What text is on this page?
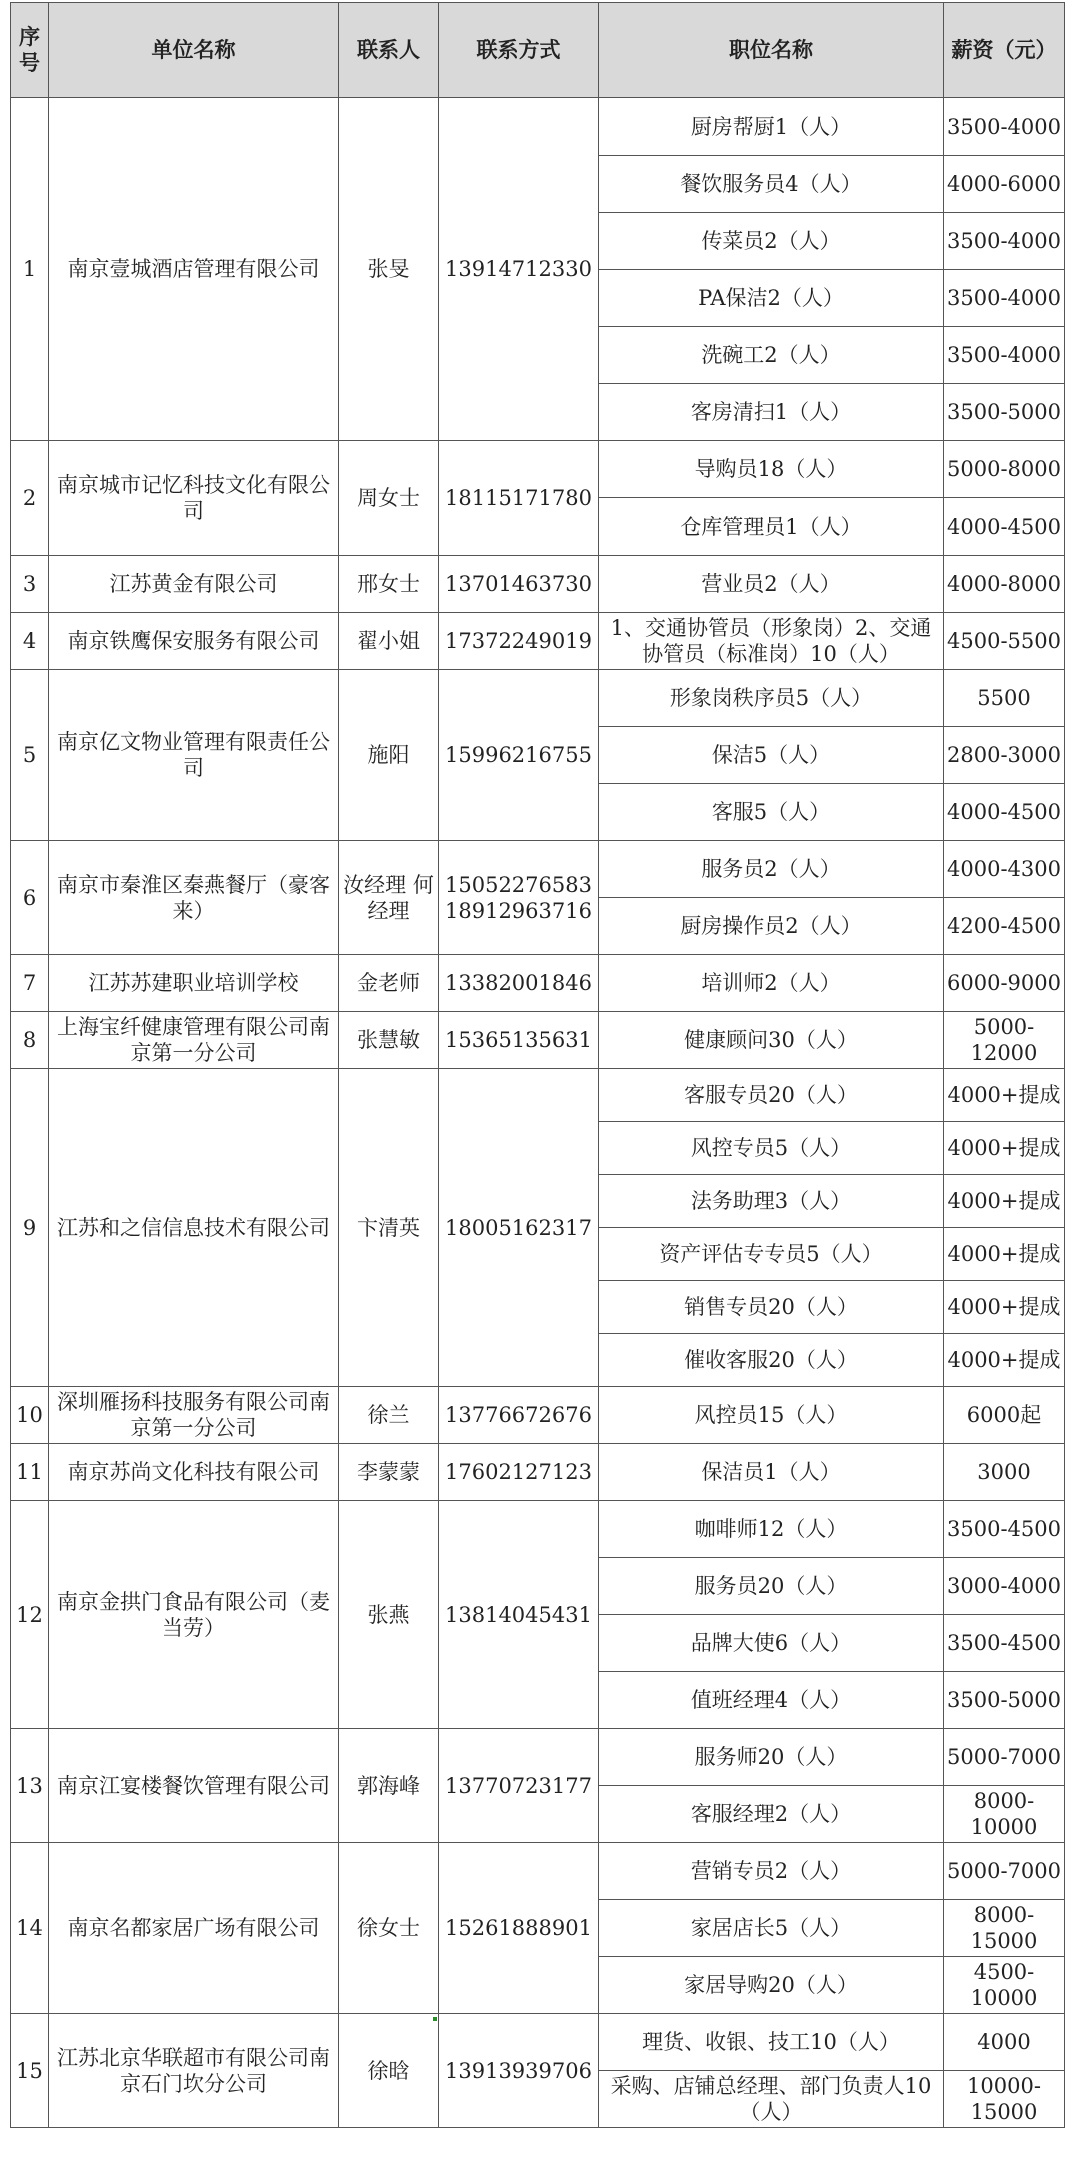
序号	单位名称	联系人	联系方式	职位名称	薪资（元）
1	南京壹城酒店管理有限公司	张旻	13914712330	厨房帮厨1（人）	3500-4000
				餐饮服务员4（人）	4000-6000
				传菜员2（人）	3500-4000
				PA保洁2（人）	3500-4000
				洗碗工2（人）	3500-4000
				客房清扫1（人）	3500-5000
2	南京城市记忆科技文化有限公司	周女士	18115171780	导购员18（人）	5000-8000
				仓库管理员1（人）	4000-4500
3	江苏黄金有限公司	邢女士	13701463730	营业员2（人）	4000-8000
4	南京铁鹰保安服务有限公司	翟小姐	17372249019	1、交通协管员（形象岗）2、交通协管员（标准岗）10（人）	4500-5500
5	南京亿文物业管理有限责任公司	施阳	15996216755	形象岗秩序员5（人）	5500
				保洁5（人）	2800-3000
				客服5（人）	4000-4500
6	南京市秦淮区秦燕餐厅（豪客来）	汝经理 何经理	15052276583 18912963716	服务员2（人）	4000-4300
				厨房操作员2（人）	4200-4500
7	江苏苏建职业培训学校	金老师	13382001846	培训师2（人）	6000-9000
8	上海宝纤健康管理有限公司南京第一分公司	张慧敏	15365135631	健康顾问30（人）	5000-12000
9	江苏和之信信息技术有限公司	卞清英	18005162317	客服专员20（人）	4000+提成
				风控专员5（人）	4000+提成
				法务助理3（人）	4000+提成
				资产评估专专员5（人）	4000+提成
				销售专员20（人）	4000+提成
				催收客服20（人）	4000+提成
10	深圳雁扬科技服务有限公司南京第一分公司	徐兰	13776672676	风控员15（人）	6000起
11	南京苏尚文化科技有限公司	李蒙蒙	17602127123	保洁员1（人）	3000
12	南京金拱门食品有限公司（麦当劳）	张燕	13814045431	咖啡师12（人）	3500-4500
				服务员20（人）	3000-4000
				品牌大使6（人）	3500-4500
				值班经理4（人）	3500-5000
13	南京江宴楼餐饮管理有限公司	郭海峰	13770723177	服务师20（人）	5000-7000
				客服经理2（人）	8000-10000
14	南京名都家居广场有限公司	徐女士	15261888901	营销专员2（人）	5000-7000
				家居店长5（人）	8000-15000
				家居导购20（人）	4500-10000
15	江苏北京华联超市有限公司南京石门坎分公司	徐晗	13913939706	理货、收银、技工10（人）	4000
				采购、店铺总经理、部门负责人10（人）	10000-15000
